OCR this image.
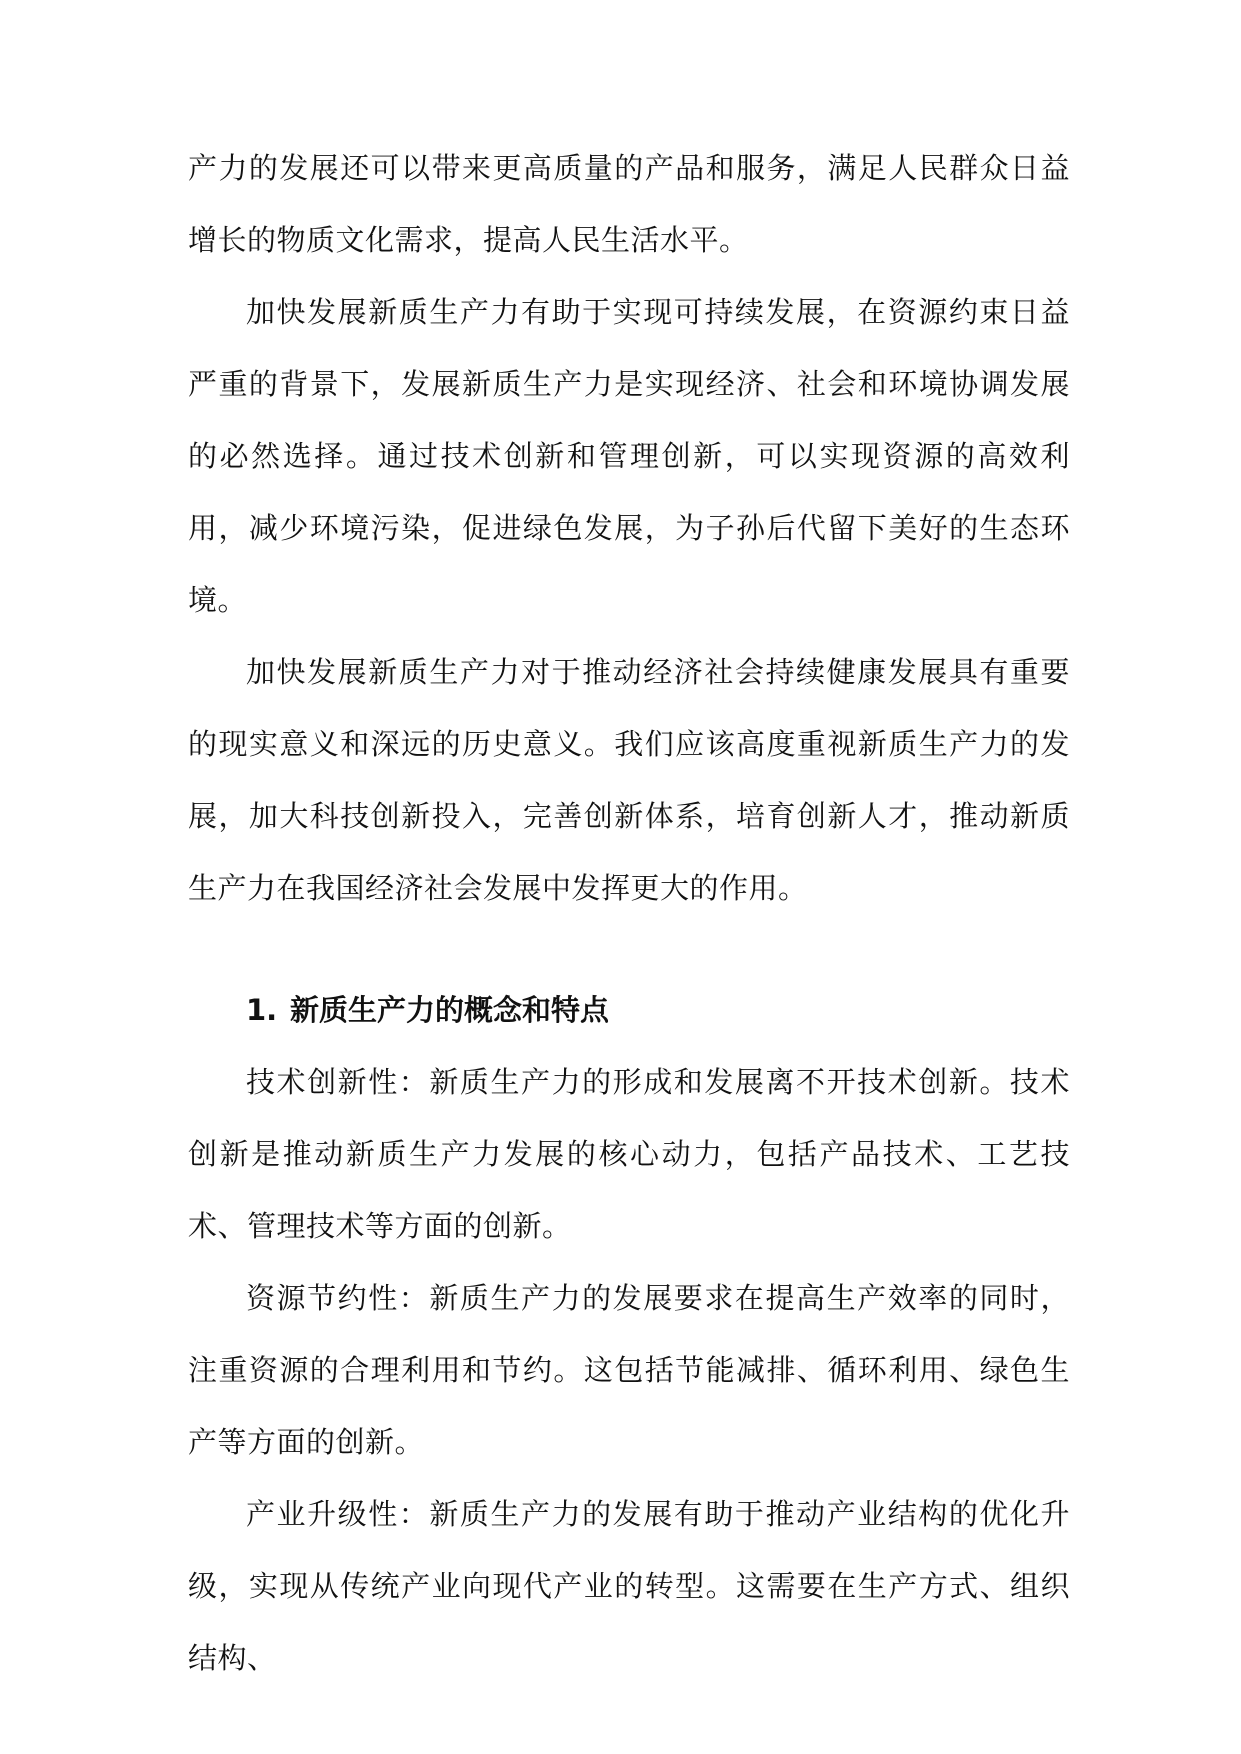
产力的发展还可以带来更高质量的产品和服务，满足人民群众日益增长的物质文化需求，提高人民生活水平。

加快发展新质生产力有助于实现可持续发展，在资源约束日益严重的背景下，发展新质生产力是实现经济、社会和环境协调发展的必然选择。通过技术创新和管理创新，可以实现资源的高效利用，减少环境污染，促进绿色发展，为子孙后代留下美好的生态环境。

加快发展新质生产力对于推动经济社会持续健康发展具有重要的现实意义和深远的历史意义。我们应该高度重视新质生产力的发展，加大科技创新投入，完善创新体系，培育创新人才，推动新质生产力在我国经济社会发展中发挥更大的作用。

1. 新质生产力的概念和特点

技术创新性：新质生产力的形成和发展离不开技术创新。技术创新是推动新质生产力发展的核心动力，包括产品技术、工艺技术、管理技术等方面的创新。

资源节约性：新质生产力的发展要求在提高生产效率的同时，注重资源的合理利用和节约。这包括节能减排、循环利用、绿色生产等方面的创新。

产业升级性：新质生产力的发展有助于推动产业结构的优化升级，实现从传统产业向现代产业的转型。这需要在生产方式、组织结构、
